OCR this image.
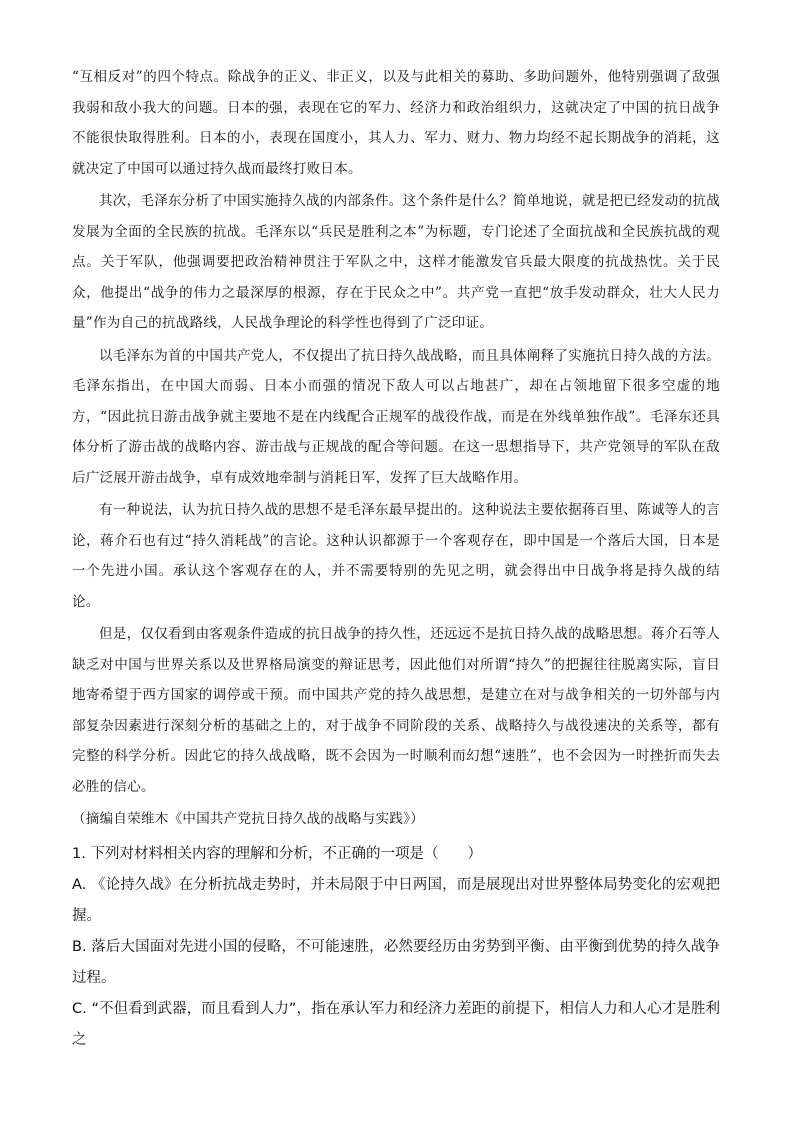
“互相反对”的四个特点。除战争的正义、非正义，以及与此相关的募助、多助问题外，他特别强调了敌强我弱和敌小我大的问题。日本的强，表现在它的军力、经济力和政治组织力，这就决定了中国的抗日战争不能很快取得胜利。日本的小，表现在国度小，其人力、军力、财力、物力均经不起长期战争的消耗，这就决定了中国可以通过持久战而最终打败日本。

其次，毛泽东分析了中国实施持久战的内部条件。这个条件是什么？简单地说，就是把已经发动的抗战发展为全面的全民族的抗战。毛泽东以“兵民是胜利之本”为标题，专门论述了全面抗战和全民族抗战的观点。关于军队，他强调要把政治精神贯注于军队之中，这样才能激发官兵最大限度的抗战热忱。关于民众，他提出“战争的伟力之最深厚的根源，存在于民众之中”。共产党一直把“放手发动群众，壮大人民力量”作为自己的抗战路线，人民战争理论的科学性也得到了广泛印证。

以毛泽东为首的中国共产党人，不仅提出了抗日持久战战略，而且具体阐释了实施抗日持久战的方法。毛泽东指出，在中国大而弱、日本小而强的情况下敌人可以占地甚广，却在占领地留下很多空虚的地方，“因此抗日游击战争就主要地不是在内线配合正规军的战役作战，而是在外线单独作战”。毛泽东还具体分析了游击战的战略内容、游击战与正规战的配合等问题。在这一思想指导下，共产党领导的军队在敌后广泛展开游击战争，卓有成效地牵制与消耗日军，发挥了巨大战略作用。

有一种说法，认为抗日持久战的思想不是毛泽东最早提出的。这种说法主要依据蒋百里、陈诚等人的言论，蒋介石也有过“持久消耗战”的言论。这种认识都源于一个客观存在，即中国是一个落后大国，日本是一个先进小国。承认这个客观存在的人，并不需要特别的先见之明，就会得出中日战争将是持久战的结论。

但是，仅仅看到由客观条件造成的抗日战争的持久性，还远远不是抗日持久战的战略思想。蒋介石等人缺乏对中国与世界关系以及世界格局演变的辩证思考，因此他们对所谓“持久”的把握往往脱离实际，盲目地寄希望于西方国家的调停或干预。而中国共产党的持久战思想，是建立在对与战争相关的一切外部与内部复杂因素进行深刻分析的基础之上的，对于战争不同阶段的关系、战略持久与战役速决的关系等，都有完整的科学分析。因此它的持久战战略，既不会因为一时顺利而幻想“速胜”，也不会因为一时挫折而失去必胜的信心。

（摘编自荣维木《中国共产党抗日持久战的战略与实践》）

1. 下列对材料相关内容的理解和分析，不正确的一项是（　　）

A. 《论持久战》在分析抗战走势时，并未局限于中日两国，而是展现出对世界整体局势变化的宏观把握。

B. 落后大国面对先进小国的侵略，不可能速胜，必然要经历由劣势到平衡、由平衡到优势的持久战争过程。

C. “不但看到武器，而且看到人力”，指在承认军力和经济力差距的前提下，相信人力和人心才是胜利之
